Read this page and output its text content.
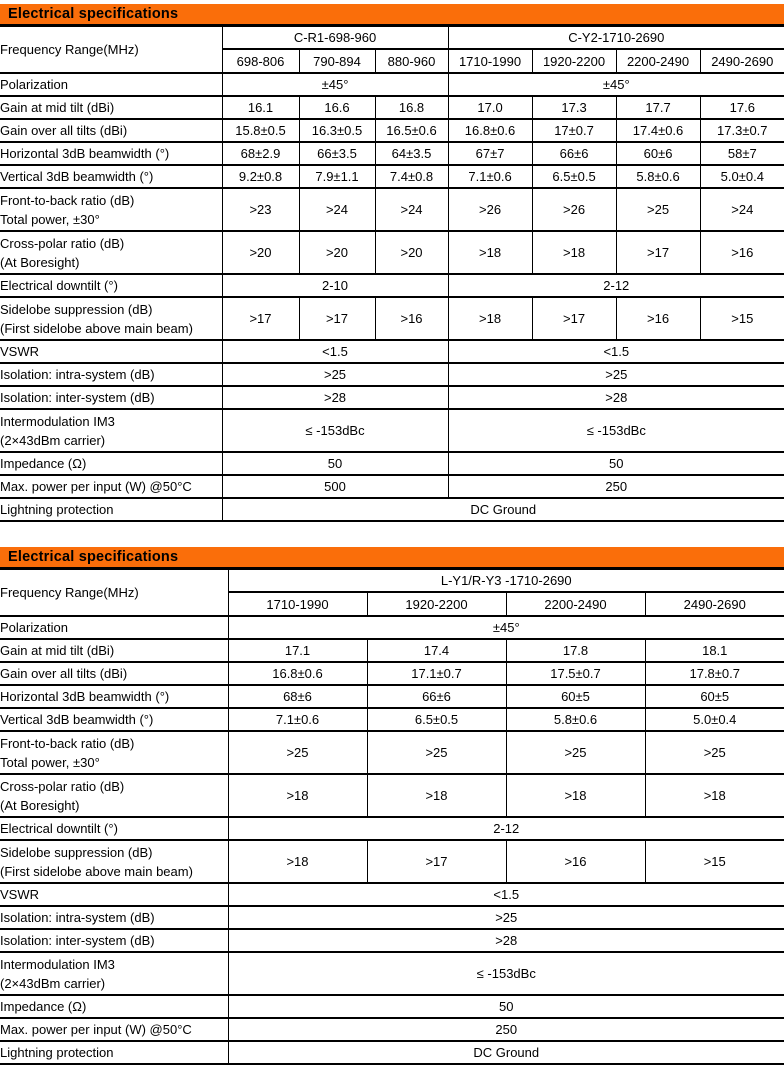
Electrical specifications
Frequency Range(MHz)	C-R1-698-960			C-Y2-1710-2690			
	698-806	790-894	880-960	1710-1990	1920-2200	2200-2490	2490-2690

Polarization	±45°			±45°			

Gain at mid tilt (dBi)	16.1	16.6	16.8	17.0	17.3	17.7	17.6

Gain over all tilts (dBi)	15.8±0.5	16.3±0.5	16.5±0.6	16.8±0.6	17±0.7	17.4±0.6	17.3±0.7

Horizontal 3dB beamwidth (°)	68±2.9	66±3.5	64±3.5	67±7	66±6	60±6	58±7

Vertical 3dB beamwidth (°)	9.2±0.8	7.9±1.1	7.4±0.8	7.1±0.6	6.5±0.5	5.8±0.6	5.0±0.4

Front-to-back ratio (dB)
Total power, ±30°	>23	>24	>24	>26	>26	>25	>24

Cross-polar ratio (dB)
(At Boresight)	>20	>20	>20	>18	>18	>17	>16

Electrical downtilt (°)	2-10			2-12			

Sidelobe suppression (dB)
(First sidelobe above main beam)	>17	>17	>16	>18	>17	>16	>15

VSWR	<1.5			<1.5			

Isolation: intra-system (dB)	>25			>25			

Isolation: inter-system (dB)	>28			>28			

Intermodulation IM3
(2×43dBm carrier)	≤ -153dBc			≤ -153dBc			

Impedance (Ω)	50			50			

Max. power per input (W) @50°C	500			250			

Lightning protection	DC Ground						
Electrical specifications
Frequency Range(MHz)	L-Y1/R-Y3 -1710-2690			
	1710-1990	1920-2200	2200-2490	2490-2690

Polarization	±45°			

Gain at mid tilt (dBi)	17.1	17.4	17.8	18.1

Gain over all tilts (dBi)	16.8±0.6	17.1±0.7	17.5±0.7	17.8±0.7

Horizontal 3dB beamwidth (°)	68±6	66±6	60±5	60±5

Vertical 3dB beamwidth (°)	7.1±0.6	6.5±0.5	5.8±0.6	5.0±0.4

Front-to-back ratio (dB)
Total power, ±30°	>25	>25	>25	>25

Cross-polar ratio (dB)
(At Boresight)	>18	>18	>18	>18

Electrical downtilt (°)	2-12			

Sidelobe suppression (dB)
(First sidelobe above main beam)	>18	>17	>16	>15

VSWR	<1.5			

Isolation: intra-system (dB)	>25			

Isolation: inter-system (dB)	>28			

Intermodulation IM3
(2×43dBm carrier)	≤ -153dBc			

Impedance (Ω)	50			

Max. power per input (W) @50°C	250			

Lightning protection	DC Ground			
